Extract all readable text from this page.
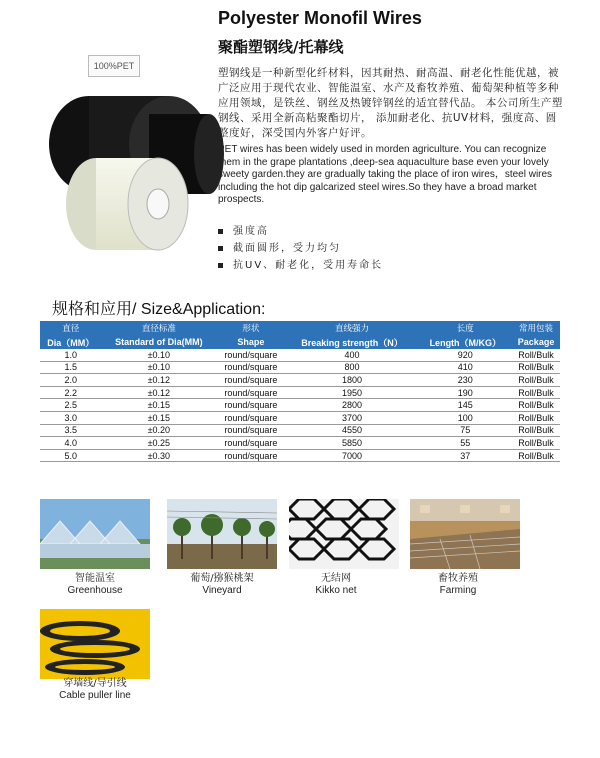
Polyester Monofil Wires
聚酯塑钢线/托幕线
100%PET
塑钢线是一种新型化纤材料，因其耐热、耐高温、耐老化性能优越，被广泛应用于现代农业、智能温室、水产及畜牧养殖、葡萄架种植等多种应用领域，是铁丝、钢丝及热镀锌钢丝的适宜替代品。 本公司所生产塑钢线、采用全新高粘聚酯切片， 添加耐老化、抗UV材料，强度高、圆整度好，深受国内外客户好评。
PET wires has been widely used in morden agriculture. You can recognize them in the grape plantations ,deep-sea aquaculture base even your lovely sweety garden.they are gradually taking the place of iron wires，steel wires including the hot dip galcarized steel wires.So they have a broad market prospects.
强度高
截面圆形，受力均匀
抗UV、耐老化，受用寿命长
规格和应用/ Size&Application:
直径	直径标准	形状	直线强力	长度	常用包装
Dia（MM）	Standard of Dia(MM)	Shape	Breaking strength（N）	Length（M/KG）	Package
1.0	±0.10	round/square	400	920	Roll/Bulk
1.5	±0.10	round/square	800	410	Roll/Bulk
2.0	±0.12	round/square	1800	230	Roll/Bulk
2.2	±0.12	round/square	1950	190	Roll/Bulk
2.5	±0.15	round/square	2800	145	Roll/Bulk
3.0	±0.15	round/square	3700	100	Roll/Bulk
3.5	±0.20	round/square	4550	75	Roll/Bulk
4.0	±0.25	round/square	5850	55	Roll/Bulk
5.0	±0.30	round/square	7000	37	Roll/Bulk
智能温室
Greenhouse
葡萄/猕猴桃架
Vineyard
无结网
Kikko net
畜牧养殖
Farming
穿墙线/导引线
Cable puller line
